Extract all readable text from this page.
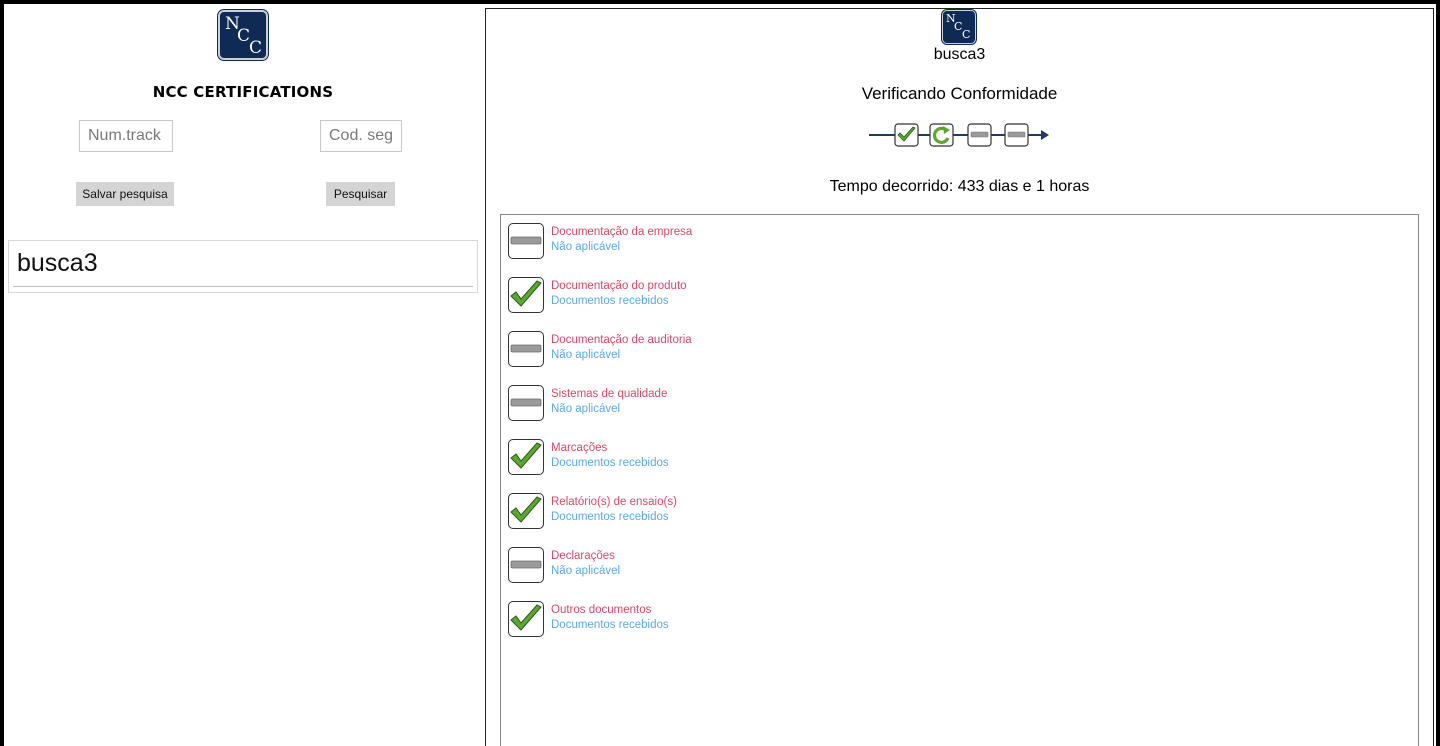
N
C
C
NCC CERTIFICATIONS
Num.track
Cod. seg
Salvar pesquisa	Pesquisar
busca3
N
C
C
busca3
Verificando Conformidade
Tempo decorrido: 433 dias e 1 horas
Documentação da empresa
Não aplicável
Documentação do produto
Documentos recebidos
Documentação de auditoria
Não aplicável
Sistemas de qualidade
Não aplicável
Marcações
Documentos recebidos
Relatório(s) de ensaio(s)
Documentos recebidos
Declarações
Não aplicável
Outros documentos
Documentos recebidos
